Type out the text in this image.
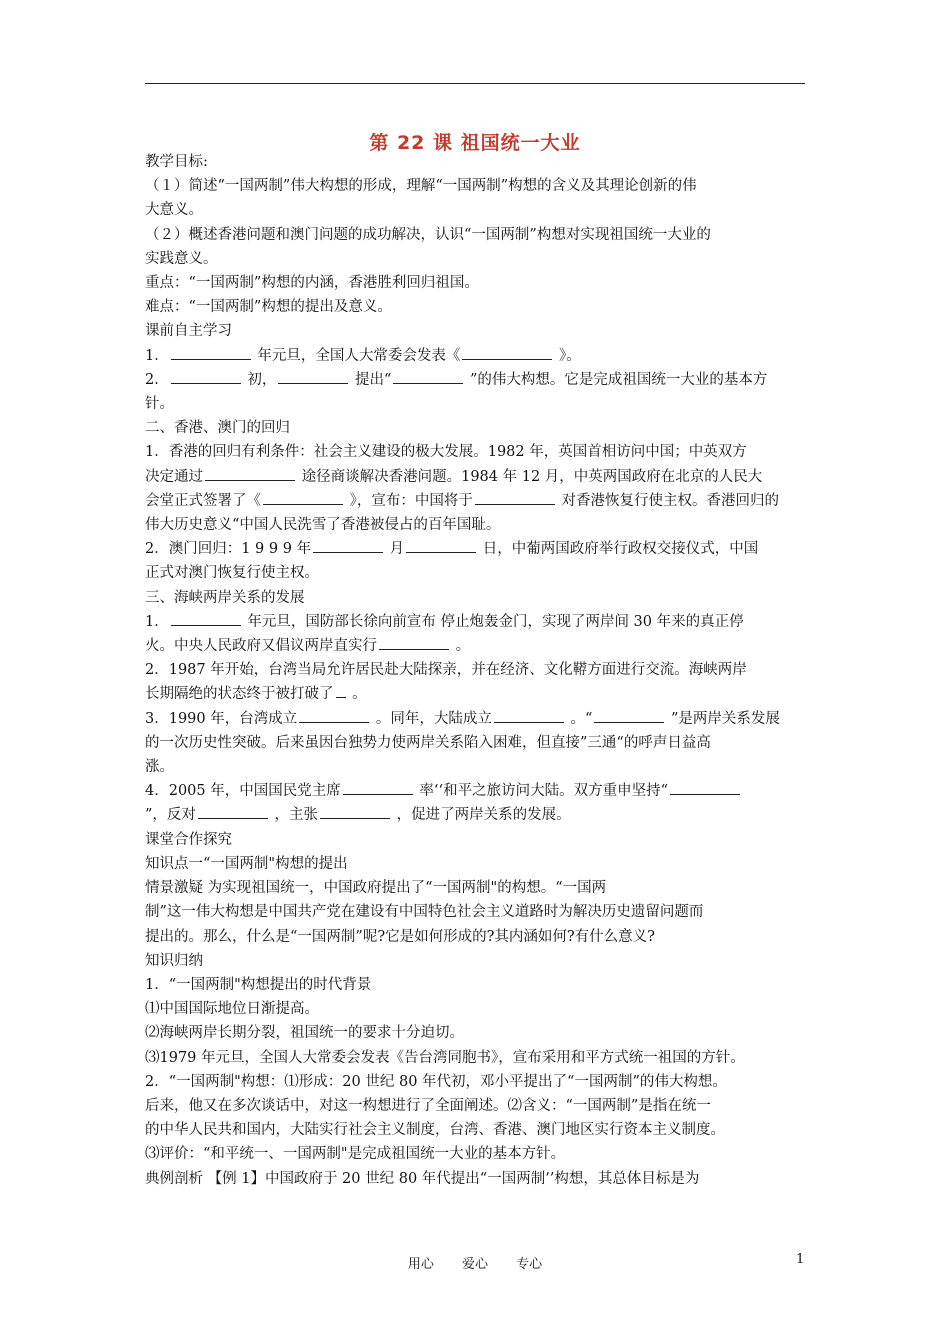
第 22 课 祖国统一大业
教学目标:
（１）简述“一国两制”伟大构想的形成，理解“一国两制”构想的含义及其理论创新的伟
大意义。
（２）概述香港问题和澳门问题的成功解决，认识“一国两制”构想对实现祖国统一大业的
实践意义。
重点：“一国两制”构想的内涵，香港胜利回归祖国。
难点：“一国两制”构想的提出及意义。
课前自主学习
1．	年元旦，全国人大常委会发表《	》。
2．	初，	提出“	”的伟大构想。它是完成祖国统一大业的基本方
针。
二、香港、澳门的回归
1．香港的回归有利条件：社会主义建设的极大发展。1982 年，英国首相访问中国；中英双方
决定通过	途径商谈解决香港问题。1984 年 12 月，中英两国政府在北京的人民大
会堂正式签署了《	》，宣布：中国将于	对香港恢复行使主权。香港回归的
伟大历史意义“中国人民洗雪了香港被侵占的百年国耻。
2．澳门回归：1 9 9 9 年	月	日，中葡两国政府举行政权交接仪式，中国
正式对澳门恢复行使主权。
三、海峡两岸关系的发展
1．	年元旦，国防部长徐向前宣布 停止炮轰金门，实现了两岸间 30 年来的真正停
火。中央人民政府又倡议两岸直实行	。
2．1987 年开始，台湾当局允许居民赴大陆探亲，并在经济、文化鞯方面进行交流。海峡两岸
长期隔绝的状态终于被打破了 。
3．1990 年，台湾成立	。同年，大陆成立	。“	”是两岸关系发展
的一次历史性突破。后来虽因台独势力使两岸关系陷入困难，但直接”三通“的呼声日益高
涨。
4．2005 年，中国国民党主席	率‘‘和平之旅访问大陆。双方重申坚持“
”，反对	，主张	，促进了两岸关系的发展。
课堂合作探究
知识点一“一国两制"构想的提出
情景激疑 为实现祖国统一，中国政府提出了“一国两制"的构想。“一国两
制”这一伟大构想是中国共产党在建设有中国特色社会主义道路时为解决历史遗留问题而
提出的。那么，什么是“一国两制”呢?它是如何形成的?其内涵如何?有什么意义?
知识归纳
1．“一国两制"构想提出的时代背景
⑴中国国际地位日渐提高。
⑵海峡两岸长期分裂，祖国统一的要求十分迫切。
⑶1979 年元旦，全国人大常委会发表《告台湾同胞书》，宣布采用和平方式统一祖国的方针。
2．“一国两制"构想：⑴形成：20 世纪 80 年代初，邓小平提出了“一国两制”的伟大构想。
后来，他又在多次谈话中，对这一构想进行了全面阐述。⑵含义：“一国两制”是指在统一
的中华人民共和国内，大陆实行社会主义制度，台湾、香港、澳门地区实行资本主义制度。
⑶评价：“和平统一、一国两制"是完成祖国统一大业的基本方针。
典例剖析 【例 1】中国政府于 20 世纪 80 年代提出“一国两制’’构想，其总体目标是为
用心 爱心 专心	1
